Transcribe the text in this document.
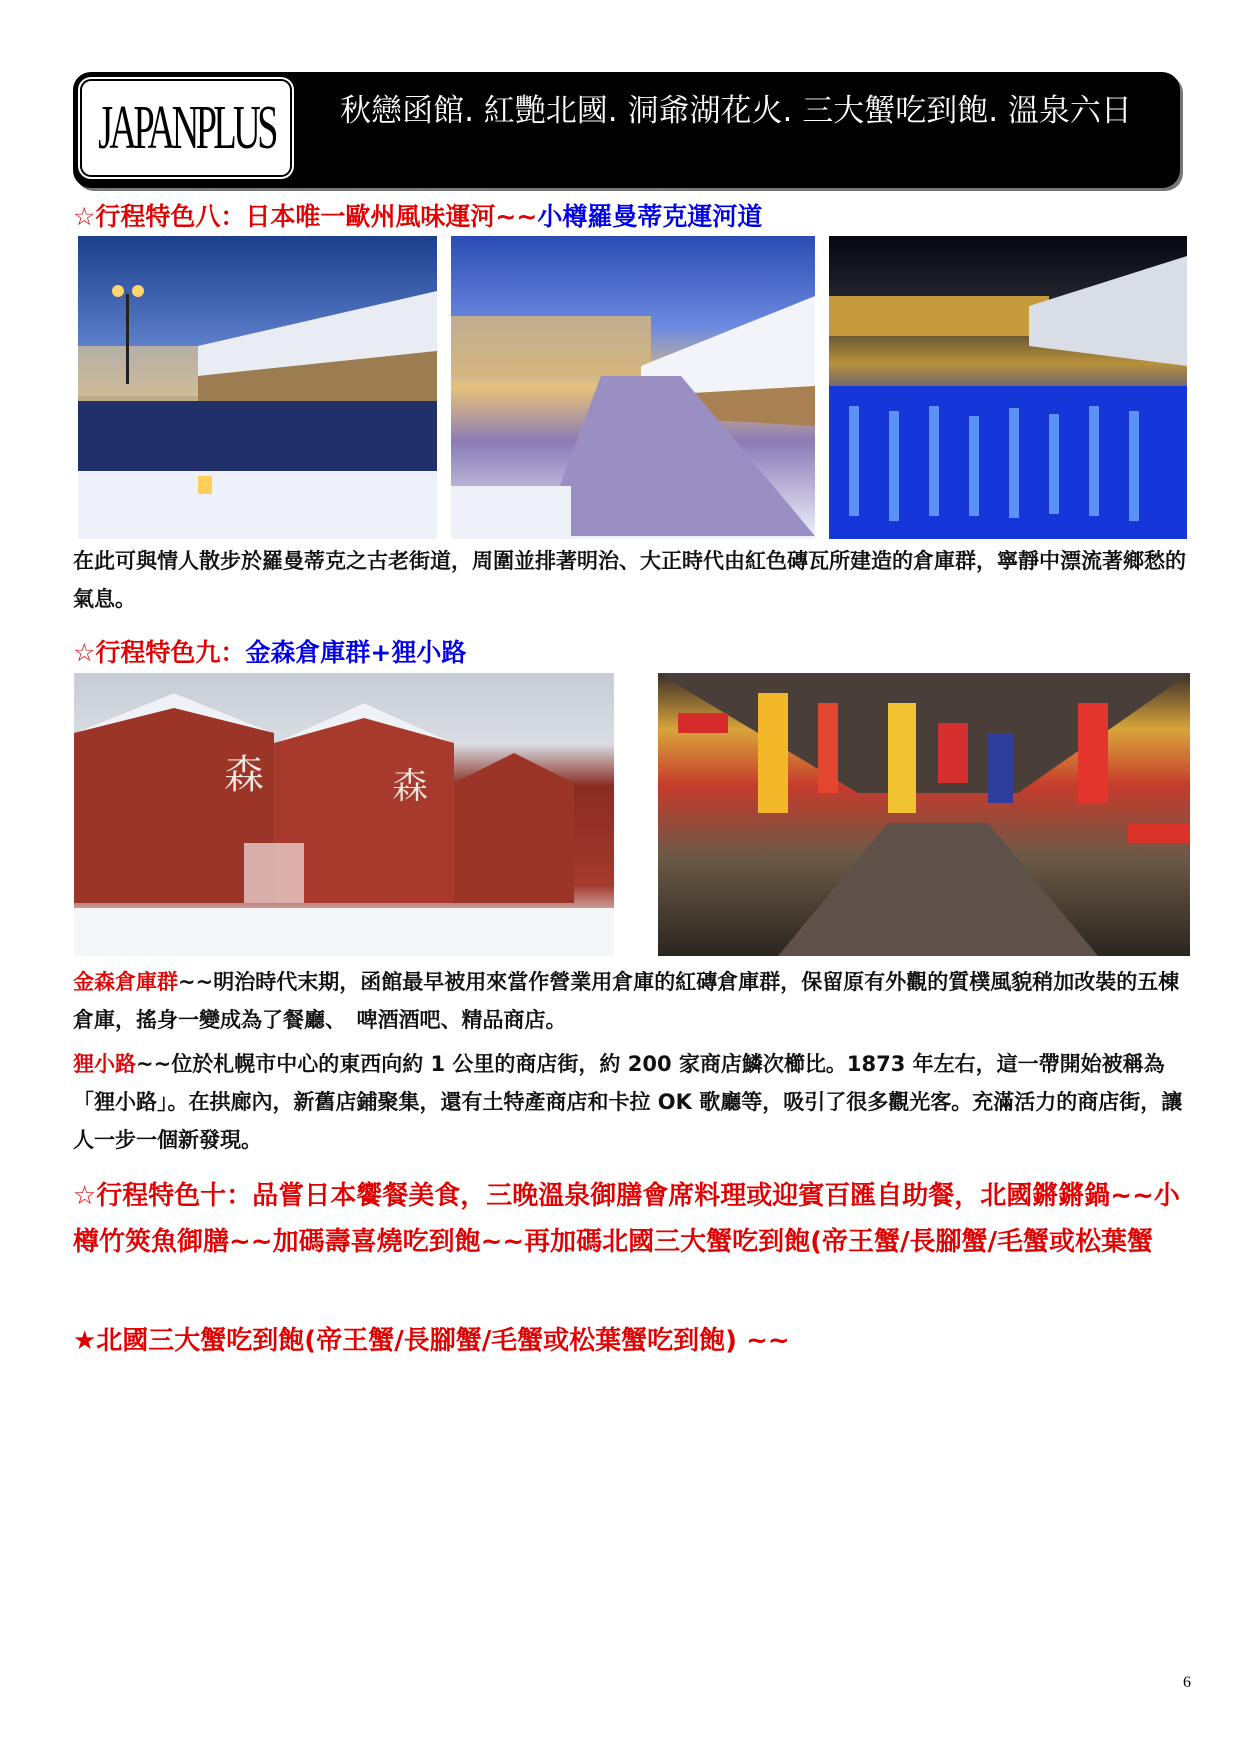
JAPANPLUS	秋戀函館. 紅艷北國. 洞爺湖花火. 三大蟹吃到飽. 溫泉六日
☆行程特色八：日本唯一歐州風味運河~~小樽羅曼蒂克運河道
在此可與情人散步於羅曼蒂克之古老街道，周圍並排著明治、大正時代由紅色磚瓦所建造的倉庫群，寧靜中漂流著鄉愁的氣息。
☆行程特色九：金森倉庫群+狸小路
森	森
金森倉庫群~~明治時代末期，函館最早被用來當作營業用倉庫的紅磚倉庫群，保留原有外觀的質樸風貌稍加改裝的五棟倉庫，搖身一變成為了餐廳、　啤酒酒吧、精品商店。
狸小路~~位於札幌市中心的東西向約 1 公里的商店街，約 200 家商店鱗次櫛比。1873 年左右，這一帶開始被稱為「狸小路」。在拱廊內，新舊店鋪聚集，還有土特產商店和卡拉 OK 歌廳等，吸引了很多觀光客。充滿活力的商店街，讓人一步一個新發現。
☆行程特色十：品嘗日本饗餐美食，三晚溫泉御膳會席料理或迎賓百匯自助餐，北國鏘鏘鍋~~小樽竹筴魚御膳~~加碼壽喜燒吃到飽~~再加碼北國三大蟹吃到飽(帝王蟹/長腳蟹/毛蟹或松葉蟹
★北國三大蟹吃到飽(帝王蟹/長腳蟹/毛蟹或松葉蟹吃到飽) ~~
6
